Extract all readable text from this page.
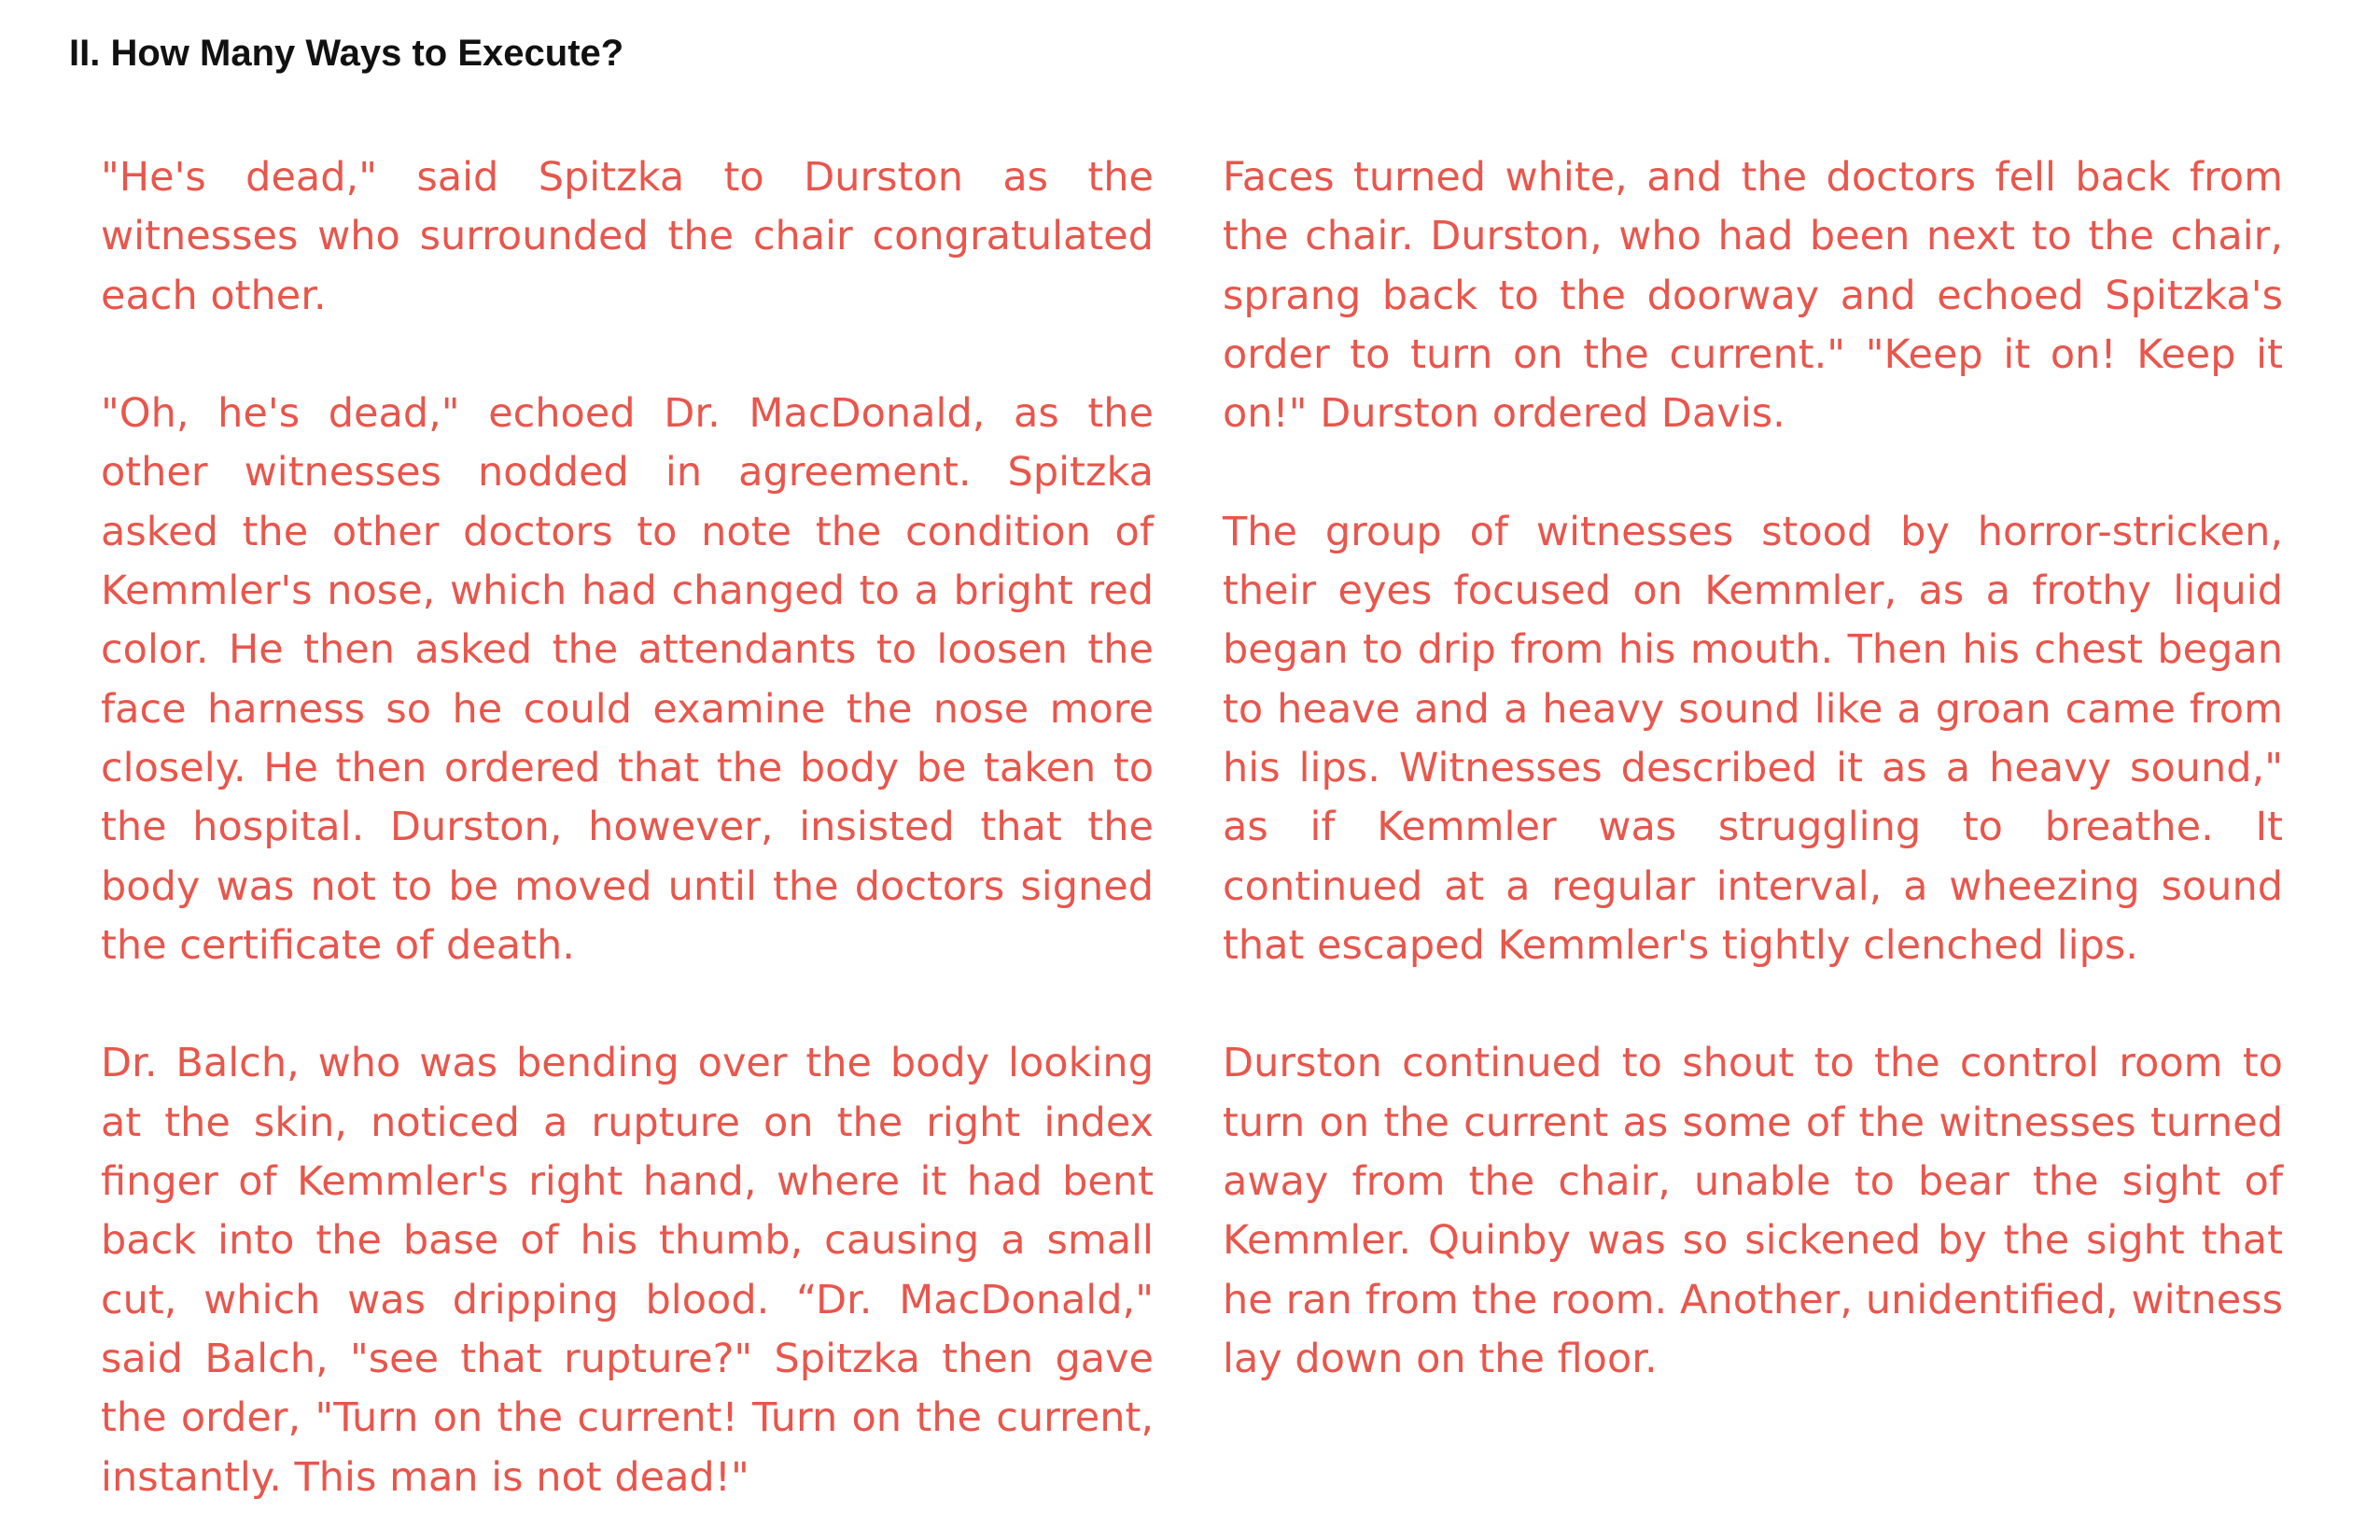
II. How Many Ways to Execute?

"He's dead," said Spitzka to Durston as the witnesses who surrounded the chair congratulated each other.

"Oh, he's dead," echoed Dr. MacDonald, as the other witnesses nodded in agreement. Spitzka asked the other doctors to note the condition of Kemmler's nose, which had changed to a bright red color. He then asked the attendants to loosen the face harness so he could examine the nose more closely. He then ordered that the body be taken to the hospital. Durston, however, insisted that the body was not to be moved until the doctors signed the certificate of death.

Dr. Balch, who was bending over the body looking at the skin, noticed a rupture on the right index finger of Kemmler's right hand, where it had bent back into the base of his thumb, causing a small cut, which was dripping blood. “Dr. MacDonald," said Balch, "see that rupture?" Spitzka then gave the order, "Turn on the current! Turn on the current, instantly. This man is not dead!"

Faces turned white, and the doctors fell back from the chair. Durston, who had been next to the chair, sprang back to the doorway and echoed Spitzka's order to turn on the current." "Keep it on! Keep it on!" Durston ordered Davis.

The group of witnesses stood by horror-stricken, their eyes focused on Kemmler, as a frothy liquid began to drip from his mouth. Then his chest began to heave and a heavy sound like a groan came from his lips. Witnesses described it as a heavy sound," as if Kemmler was struggling to breathe. It continued at a regular interval, a wheezing sound that escaped Kemmler's tightly clenched lips.

Durston continued to shout to the control room to turn on the current as some of the witnesses turned away from the chair, unable to bear the sight of Kemmler. Quinby was so sickened by the sight that he ran from the room. Another, unidentified, witness lay down on the floor.
